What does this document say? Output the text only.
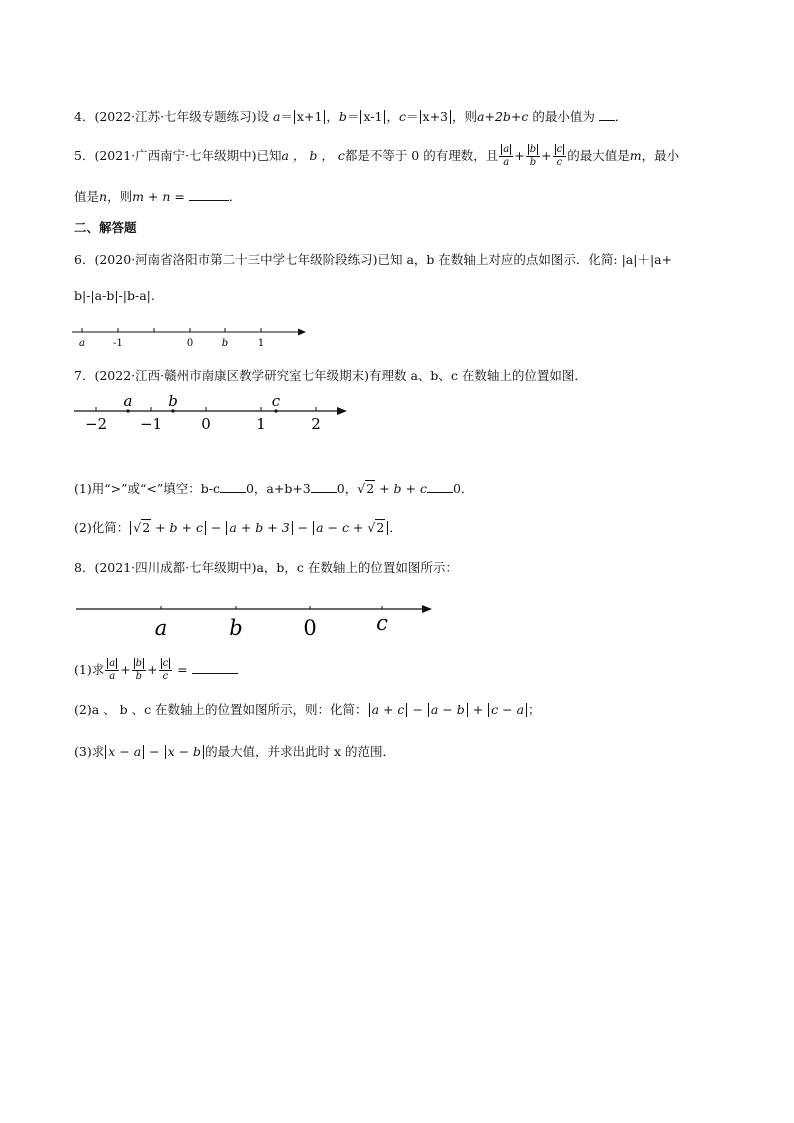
4．(2022·江苏·七年级专题练习)设 a＝ x+1 ，b＝ x-1 ，c＝ x+3 ，则a+2b+c 的最小值为 ．
5．(2021·广西南宁·七年级期中)已知a ， b ， c都是不等于 0 的有理数，且 $\frac{a}{a} + \frac{b}{b} + \frac{c}{c}$ 的最大值是m，最小
值是n，则m + n =	．
二、解答题
6．(2020·河南省洛阳市第二十三中学七年级阶段练习)已知 a，b 在数轴上对应的点如图示．化简: |a|＋|a+
b|-|a-b|-|b-a|.
a	-1	0	b	1
7．(2022·江西·赣州市南康区教学研究室七年级期末)有理数 a、b、c 在数轴上的位置如图．
a b	c
−2 −1	0	1	2
(1)用“>”或“<”填空：b-c 0，a+b+3 0，√2 + b + c 0．
(2)化简： √2 + b + c − a + b + 3 − a − c + √2 ．
8．(2021·四川成都·七年级期中)a，b，c 在数轴上的位置如图所示：
a	b	0	c
(1)求 $\frac{a}{a} + \frac{b}{b} + \frac{c}{c}$ =
(2)a 、 b 、c 在数轴上的位置如图所示，则：化简： a + c − a − b + c − a ；
(3)求 x − a − x − b 的最大值，并求出此时 x 的范围．
